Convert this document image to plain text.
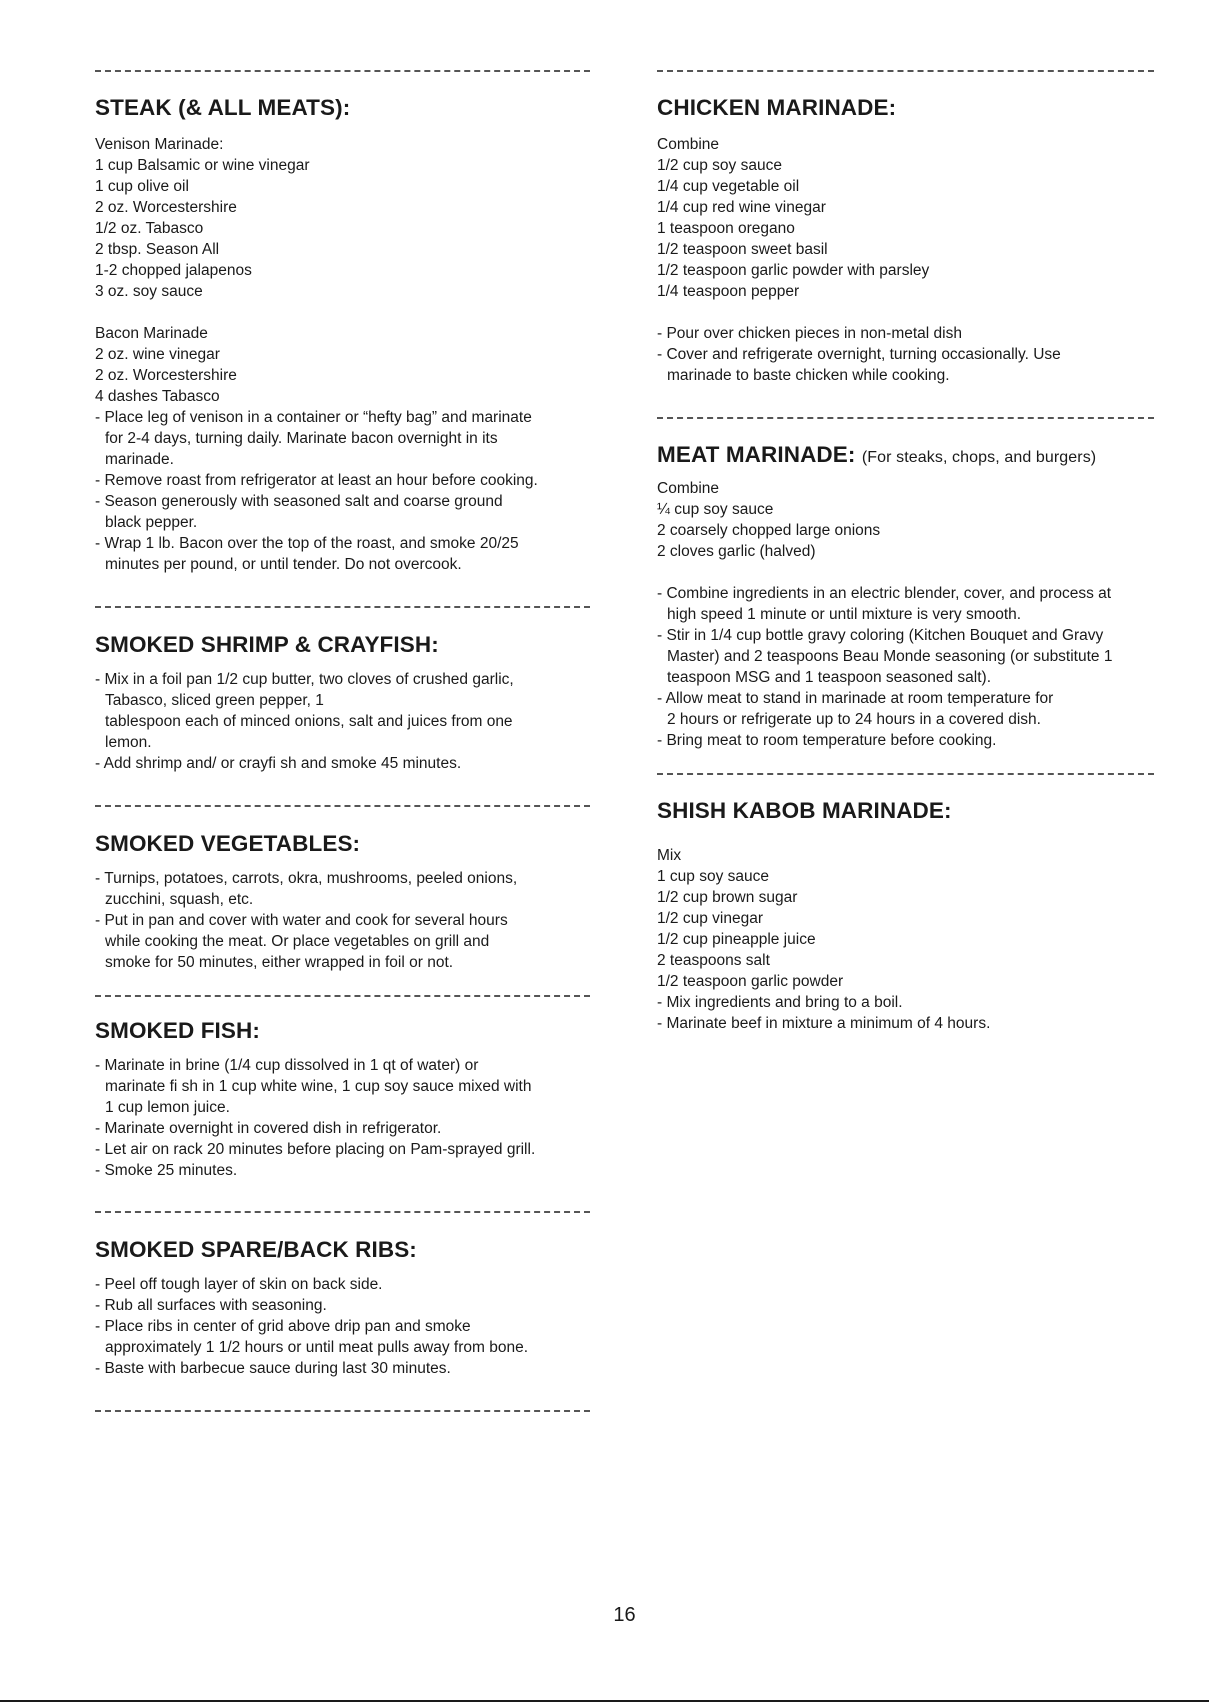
STEAK (& ALL MEATS):
Venison Marinade:
1 cup Balsamic or wine vinegar
1 cup olive oil
2 oz. Worcestershire
1/2 oz. Tabasco
2 tbsp. Season All
1-2 chopped jalapenos
3 oz. soy sauce
Bacon Marinade
2 oz. wine vinegar
2 oz. Worcestershire
4 dashes Tabasco
- Place leg of venison in a container or “hefty bag” and marinate
for 2-4 days, turning daily. Marinate bacon overnight in its
marinade.
- Remove roast from refrigerator at least an hour before cooking.
- Season generously with seasoned salt and coarse ground
black pepper.
- Wrap 1 lb. Bacon over the top of the roast, and smoke 20/25
minutes per pound, or until tender. Do not overcook.
SMOKED SHRIMP & CRAYFISH:
- Mix in a foil pan 1/2 cup butter, two cloves of crushed garlic,
Tabasco, sliced green pepper, 1
tablespoon each of minced onions, salt and juices from one
lemon.
- Add shrimp and/ or crayfi sh and smoke 45 minutes.
SMOKED VEGETABLES:
- Turnips, potatoes, carrots, okra, mushrooms, peeled onions,
zucchini, squash, etc.
- Put in pan and cover with water and cook for several hours
while cooking the meat. Or place vegetables on grill and
smoke for 50 minutes, either wrapped in foil or not.
SMOKED FISH:
- Marinate in brine (1/4 cup dissolved in 1 qt of water) or
marinate fi sh in 1 cup white wine, 1 cup soy sauce mixed with
1 cup lemon juice.
- Marinate overnight in covered dish in refrigerator.
- Let air on rack 20 minutes before placing on Pam-sprayed grill.
- Smoke 25 minutes.
SMOKED SPARE/BACK RIBS:
- Peel off tough layer of skin on back side.
- Rub all surfaces with seasoning.
- Place ribs in center of grid above drip pan and smoke
approximately 1 1/2 hours or until meat pulls away from bone.
- Baste with barbecue sauce during last 30 minutes.
CHICKEN MARINADE:
Combine
1/2 cup soy sauce
1/4 cup vegetable oil
1/4 cup red wine vinegar
1 teaspoon oregano
1/2 teaspoon sweet basil
1/2 teaspoon garlic powder with parsley
1/4 teaspoon pepper
- Pour over chicken pieces in non-metal dish
- Cover and refrigerate overnight, turning occasionally. Use
marinade to baste chicken while cooking.
MEAT MARINADE: (For steaks, chops, and burgers)
Combine
¼ cup soy sauce
2 coarsely chopped large onions
2 cloves garlic (halved)
- Combine ingredients in an electric blender, cover, and process at
high speed 1 minute or until mixture is very smooth.
- Stir in 1/4 cup bottle gravy coloring (Kitchen Bouquet and Gravy
Master) and 2 teaspoons Beau Monde seasoning (or substitute 1
teaspoon MSG and 1 teaspoon seasoned salt).
- Allow meat to stand in marinade at room temperature for
2 hours or refrigerate up to 24 hours in a covered dish.
- Bring meat to room temperature before cooking.
SHISH KABOB MARINADE:
Mix
1 cup soy sauce
1/2 cup brown sugar
1/2 cup vinegar
1/2 cup pineapple juice
2 teaspoons salt
1/2 teaspoon garlic powder
- Mix ingredients and bring to a boil.
- Marinate beef in mixture a minimum of 4 hours.
16
